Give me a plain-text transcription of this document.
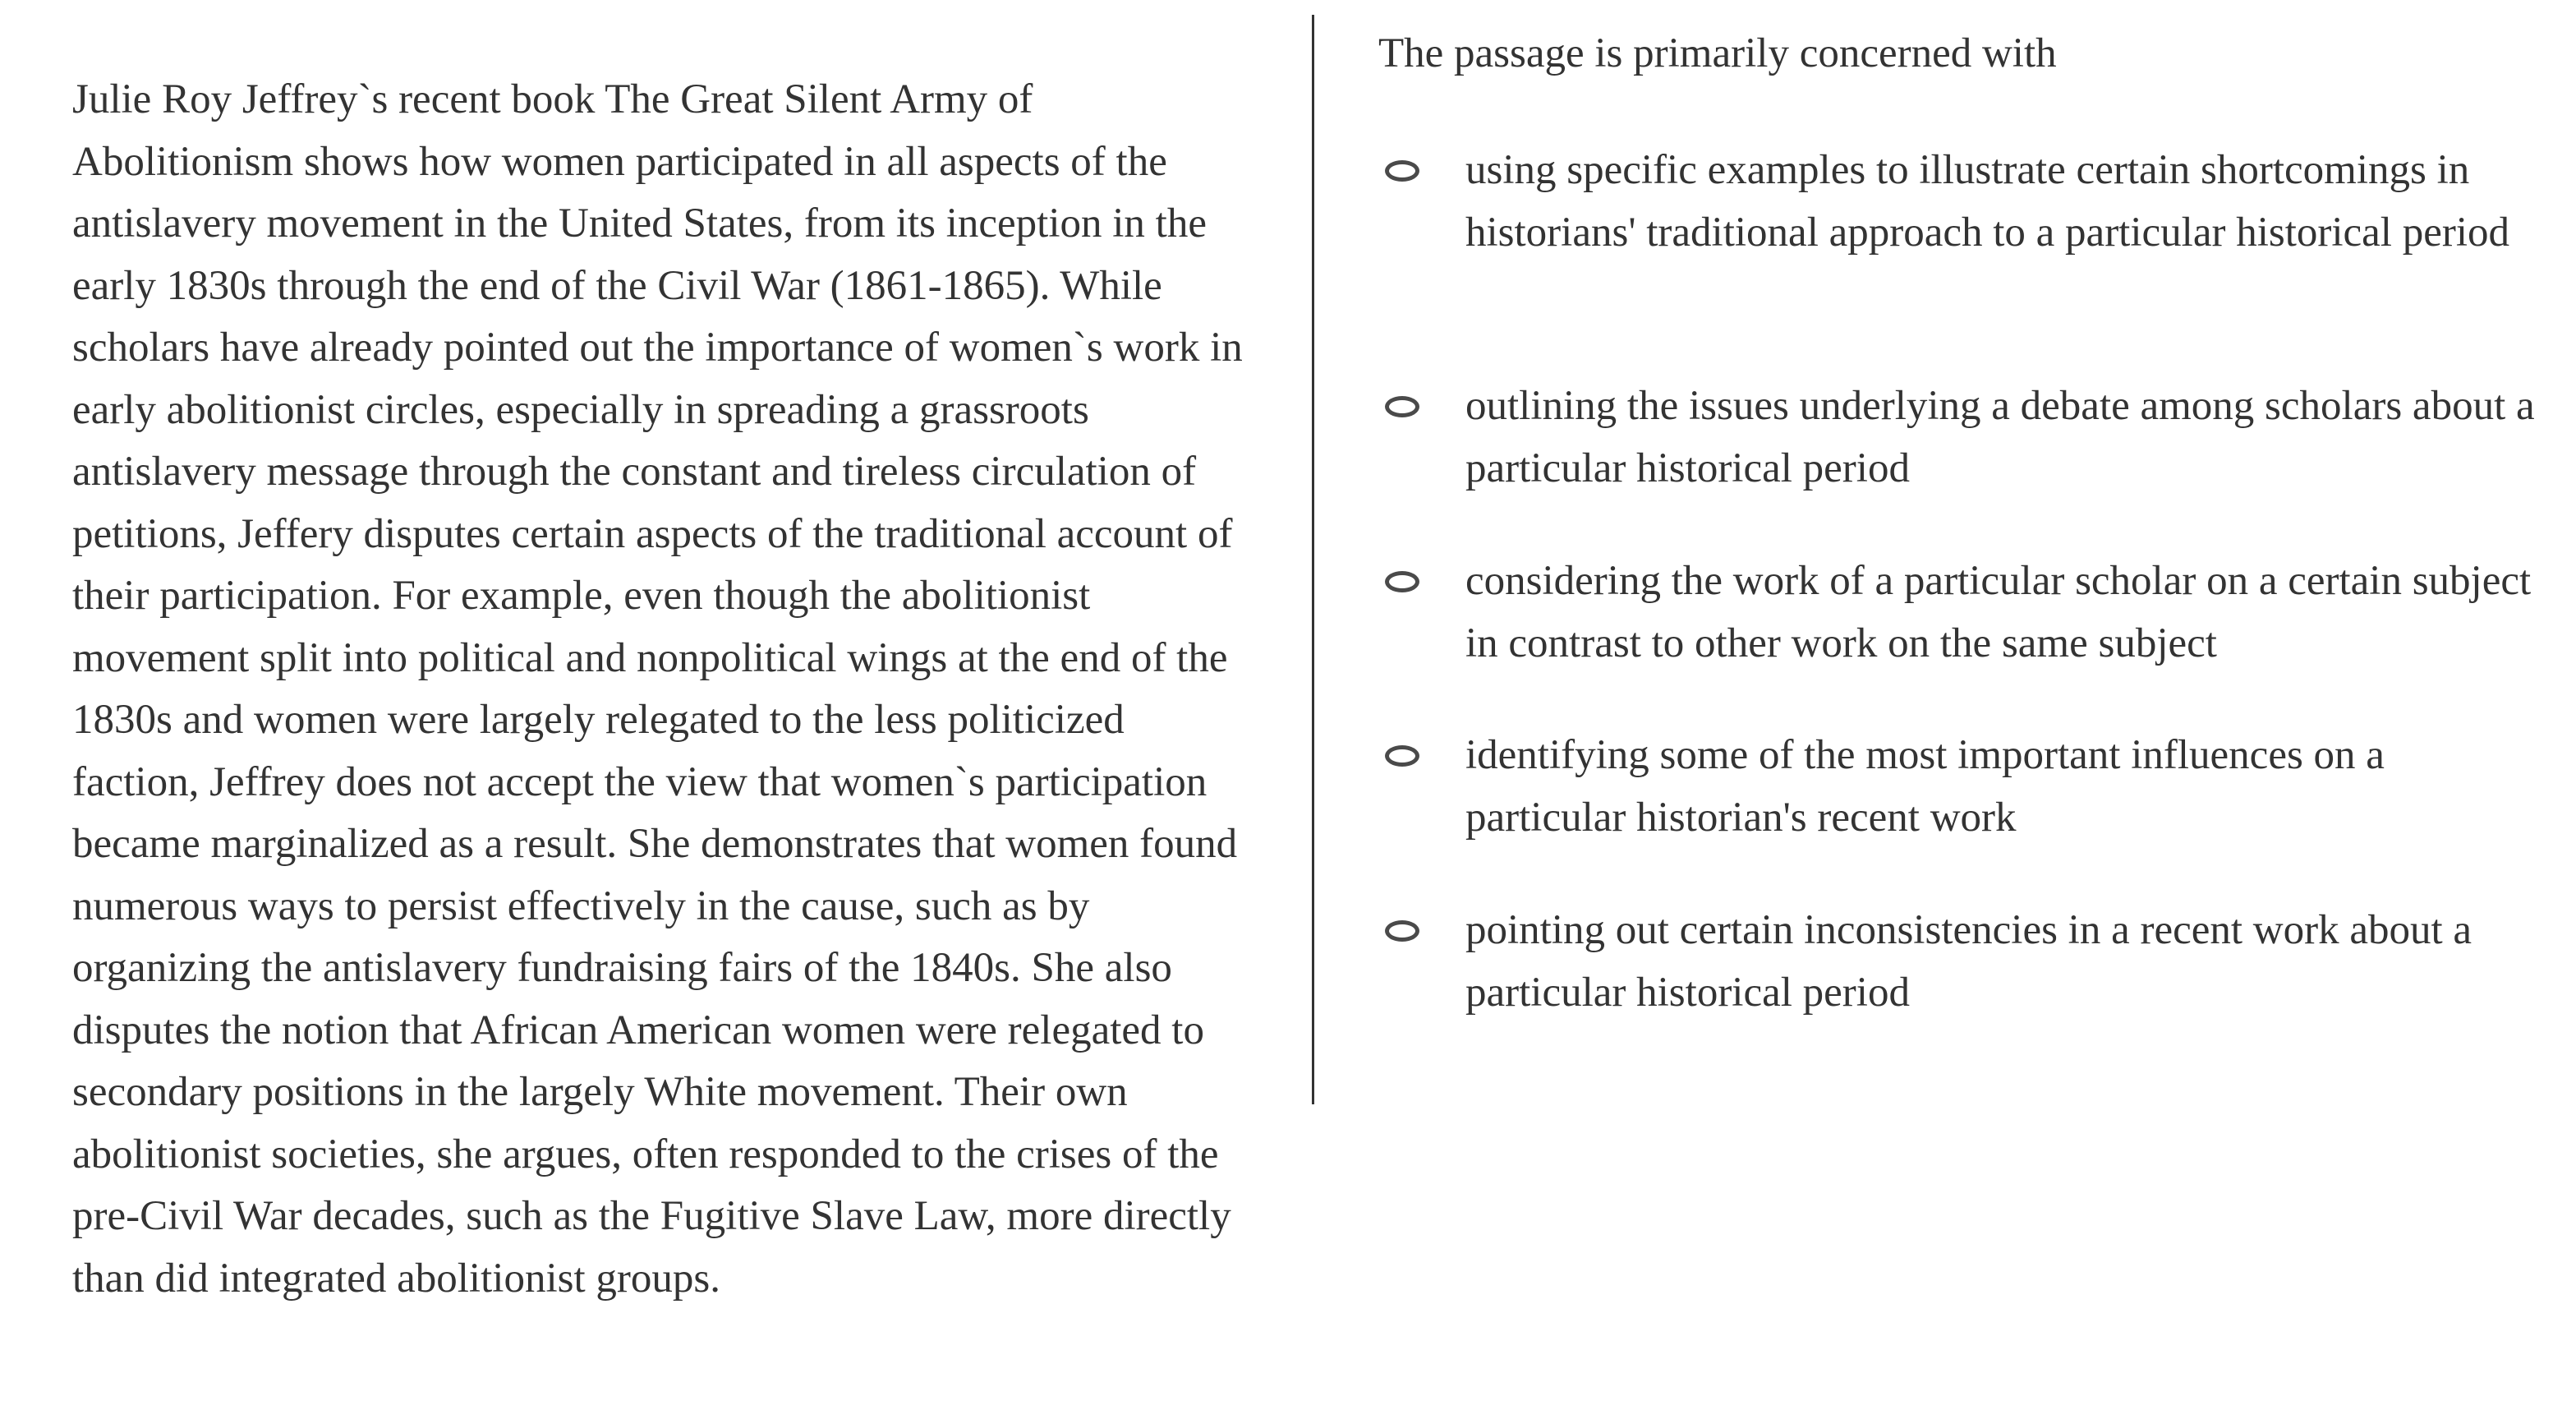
Julie Roy Jeffrey`s recent book The Great Silent Army of Abolitionism shows how women participated in all aspects of the antislavery movement in the United States, from its inception in the early 1830s through the end of the Civil War (1861-1865). While scholars have already pointed out the importance of women`s work in early abolitionist circles, especially in spreading a grassroots antislavery message through the constant and tireless circulation of petitions, Jeffery disputes certain aspects of the traditional account of their participation. For example, even though the abolitionist movement split into political and nonpolitical wings at the end of the 1830s and women were largely relegated to the less politicized faction, Jeffrey does not accept the view that women`s participation became marginalized as a result. She demonstrates that women found numerous ways to persist effectively in the cause, such as by organizing the antislavery fundraising fairs of the 1840s. She also disputes the notion that African American women were relegated to secondary positions in the largely White movement. Their own abolitionist societies, she argues, often responded to the crises of the pre-Civil War decades, such as the Fugitive Slave Law, more directly than did integrated abolitionist groups.

The passage is primarily concerned with

using specific examples to illustrate certain shortcomings in historians' traditional approach to a particular historical period
outlining the issues underlying a debate among scholars about a particular historical period
considering the work of a particular scholar on a certain subject in contrast to other work on the same subject
identifying some of the most important influences on a particular historian's recent work
pointing out certain inconsistencies in a recent work about a particular historical period
